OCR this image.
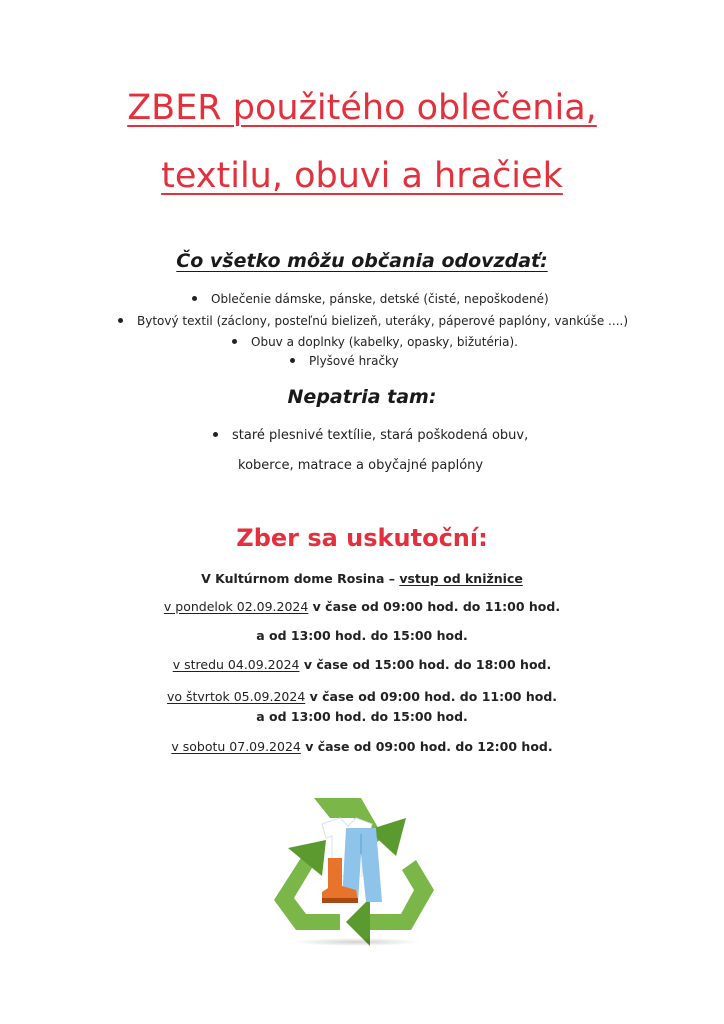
ZBER použitého oblečenia,
textilu, obuvi a hračiek
Čo všetko môžu občania odovzdať:
Oblečenie dámske, pánske, detské (čisté, nepoškodené)
Bytový textil (záclony, posteľnú bielizeň, uteráky, páperové paplóny, vankúše ....)
Obuv a doplnky (kabelky, opasky, bižutéria).
Plyšové hračky
Nepatria tam:
staré plesnivé textílie, stará poškodená obuv,
koberce, matrace a obyčajné paplóny
Zber sa uskutoční:
V Kultúrnom dome Rosina – vstup od knižnice
v pondelok 02.09.2024 v čase od 09:00 hod. do 11:00 hod.
a od 13:00 hod. do 15:00 hod.
v stredu 04.09.2024 v čase od 15:00 hod. do 18:00 hod.
vo štvrtok 05.09.2024 v čase od 09:00 hod. do 11:00 hod.
a od 13:00 hod. do 15:00 hod.
v sobotu 07.09.2024 v čase od 09:00 hod. do 12:00 hod.
